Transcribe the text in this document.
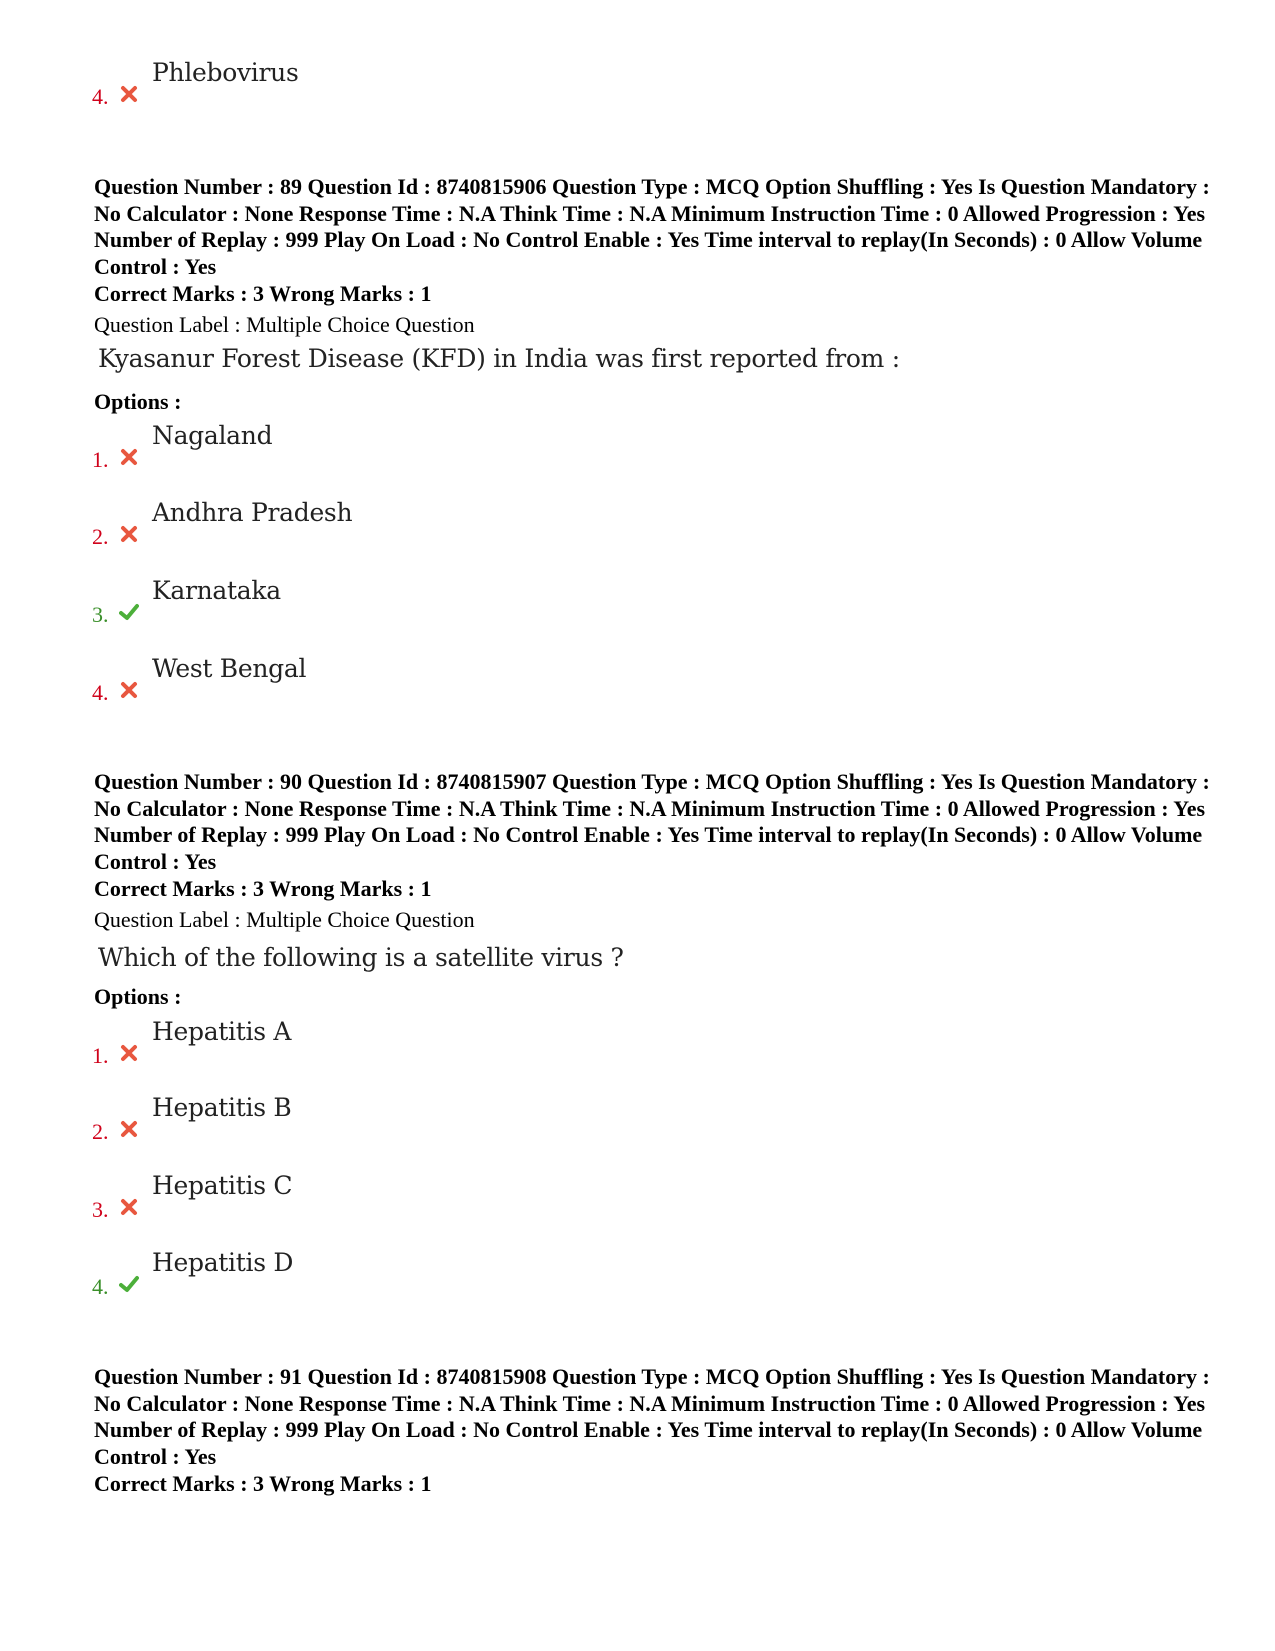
4.
Phlebovirus
Question Number : 89 Question Id : 8740815906 Question Type : MCQ Option Shuffling : Yes Is Question Mandatory : No Calculator : None Response Time : N.A Think Time : N.A Minimum Instruction Time : 0 Allowed Progression : Yes Number of Replay : 999 Play On Load : No Control Enable : Yes Time interval to replay(In Seconds) : 0 Allow Volume Control : Yes
Correct Marks : 3 Wrong Marks : 1
Question Label : Multiple Choice Question
Kyasanur Forest Disease (KFD) in India was first reported from :
Options :
1.
Nagaland
2.
Andhra Pradesh
3.
Karnataka
4.
West Bengal
Question Number : 90 Question Id : 8740815907 Question Type : MCQ Option Shuffling : Yes Is Question Mandatory : No Calculator : None Response Time : N.A Think Time : N.A Minimum Instruction Time : 0 Allowed Progression : Yes Number of Replay : 999 Play On Load : No Control Enable : Yes Time interval to replay(In Seconds) : 0 Allow Volume Control : Yes
Correct Marks : 3 Wrong Marks : 1
Question Label : Multiple Choice Question
Which of the following is a satellite virus ?
Options :
1.
Hepatitis A
2.
Hepatitis B
3.
Hepatitis C
4.
Hepatitis D
Question Number : 91 Question Id : 8740815908 Question Type : MCQ Option Shuffling : Yes Is Question Mandatory : No Calculator : None Response Time : N.A Think Time : N.A Minimum Instruction Time : 0 Allowed Progression : Yes Number of Replay : 999 Play On Load : No Control Enable : Yes Time interval to replay(In Seconds) : 0 Allow Volume Control : Yes
Correct Marks : 3 Wrong Marks : 1
